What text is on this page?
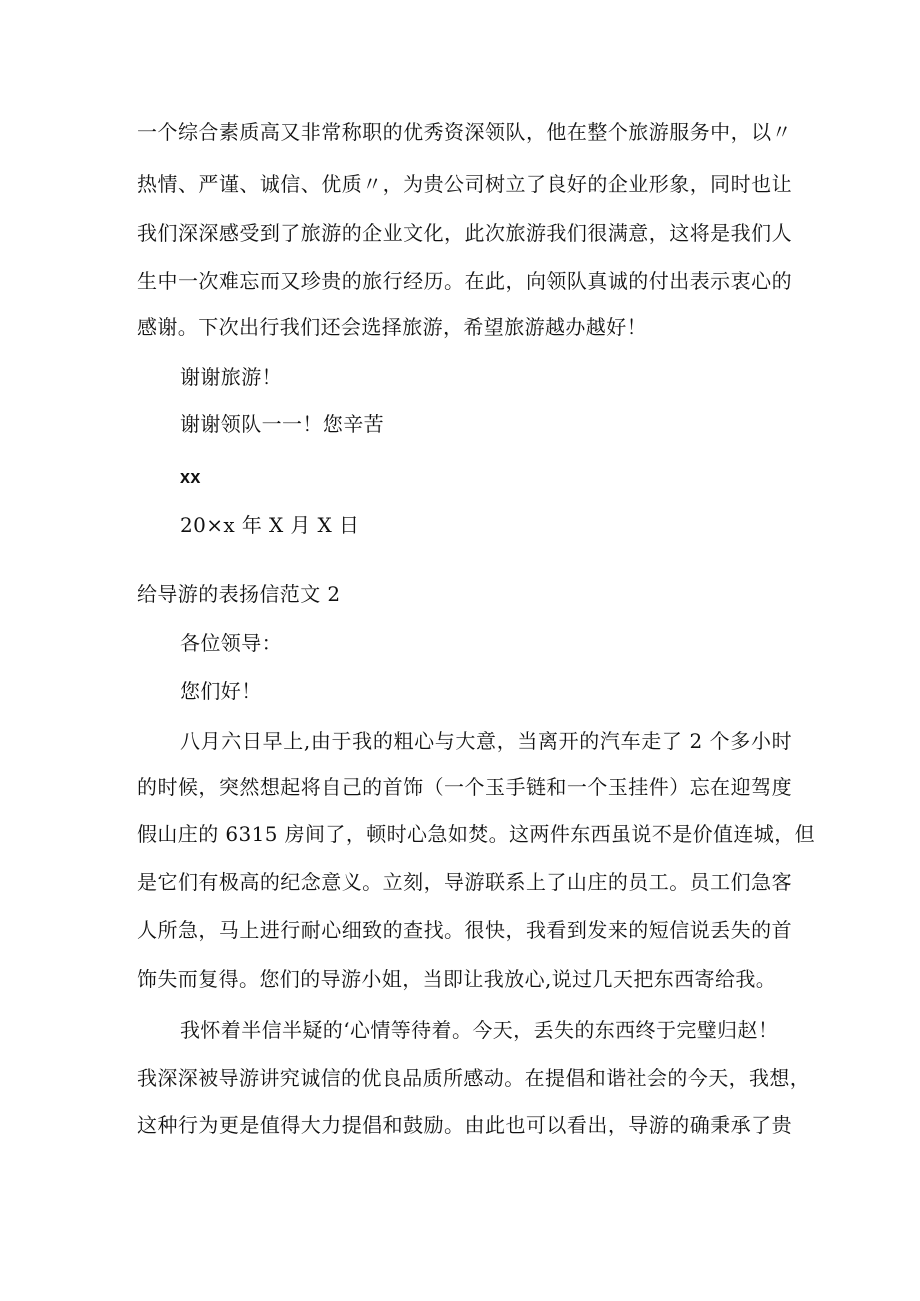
一个综合素质高又非常称职的优秀资深领队，他在整个旅游服务中，以〃
热情、严谨、诚信、优质〃，为贵公司树立了良好的企业形象，同时也让
我们深深感受到了旅游的企业文化，此次旅游我们很满意，这将是我们人
生中一次难忘而又珍贵的旅行经历。在此，向领队真诚的付出表示衷心的
感谢。下次出行我们还会选择旅游，希望旅游越办越好！
谢谢旅游！
谢谢领队一一！您辛苦
xx
20×x 年 X 月 X 日
给导游的表扬信范文 2
各位领导：
您们好！
八月六日早上,由于我的粗心与大意，当离开的汽车走了 2 个多小时
的时候，突然想起将自己的首饰（一个玉手链和一个玉挂件）忘在迎驾度
假山庄的 6315 房间了，顿时心急如焚。这两件东西虽说不是价值连城，但
是它们有极高的纪念意义。立刻，导游联系上了山庄的员工。员工们急客
人所急，马上进行耐心细致的查找。很快，我看到发来的短信说丢失的首
饰失而复得。您们的导游小姐，当即让我放心,说过几天把东西寄给我。
我怀着半信半疑的‘心情等待着。今天，丢失的东西终于完璧归赵！
我深深被导游讲究诚信的优良品质所感动。在提倡和谐社会的今天，我想，
这种行为更是值得大力提倡和鼓励。由此也可以看出，导游的确秉承了贵
